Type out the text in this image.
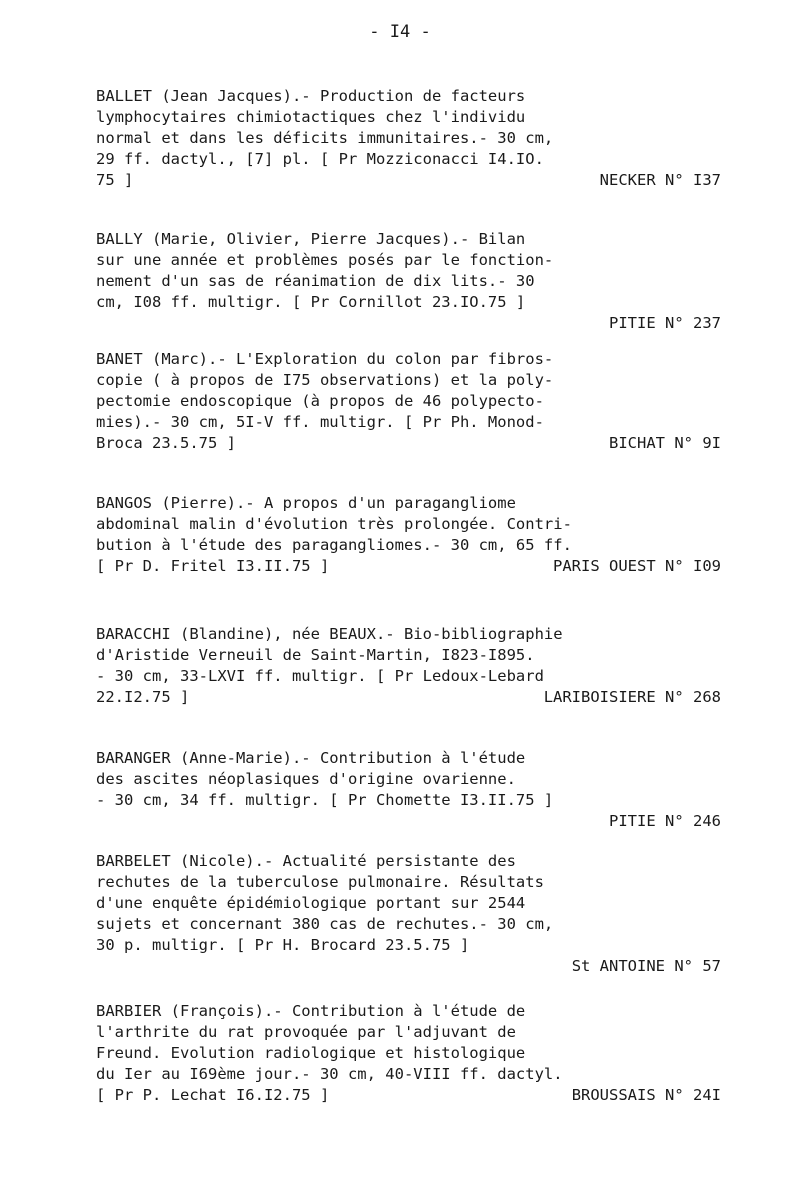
- I4 -
BALLET (Jean Jacques).- Production de facteurs
lymphocytaires chimiotactiques chez l'individu
normal et dans les déficits immunitaires.- 30 cm,
29 ff. dactyl., [7] pl. [ Pr Mozziconacci I4.IO.

75 ]

	NECKER N° I37

BALLY (Marie, Olivier, Pierre Jacques).- Bilan
sur une année et problèmes posés par le fonction-
nement d'un sas de réanimation de dix lits.- 30
cm, I08 ff. multigr. [ Pr Cornillot 23.IO.75 ]

PITIE N° 237

BANET (Marc).- L'Exploration du colon par fibros-
copie ( à propos de I75 observations) et la poly-
pectomie endoscopique (à propos de 46 polypecto-
mies).- 30 cm, 5I-V ff. multigr. [ Pr Ph. Monod-

Broca 23.5.75 ]

	BICHAT N° 9I

BANGOS (Pierre).- A propos d'un paragangliome
abdominal malin d'évolution très prolongée. Contri-
bution à l'étude des paragangliomes.- 30 cm, 65 ff.

[ Pr D. Fritel I3.II.75 ]

	PARIS OUEST N° I09

BARACCHI (Blandine), née BEAUX.- Bio-bibliographie
d'Aristide Verneuil de Saint-Martin, I823-I895.
- 30 cm, 33-LXVI ff. multigr. [ Pr Ledoux-Lebard

22.I2.75 ]

	LARIBOISIERE N° 268

BARANGER (Anne-Marie).- Contribution à l'étude
des ascites néoplasiques d'origine ovarienne.
- 30 cm, 34 ff. multigr. [ Pr Chomette I3.II.75 ]

PITIE N° 246

BARBELET (Nicole).- Actualité persistante des
rechutes de la tuberculose pulmonaire. Résultats
d'une enquête épidémiologique portant sur 2544
sujets et concernant 380 cas de rechutes.- 30 cm,
30 p. multigr. [ Pr H. Brocard 23.5.75 ]

St ANTOINE N° 57

BARBIER (François).- Contribution à l'étude de
l'arthrite du rat provoquée par l'adjuvant de
Freund. Evolution radiologique et histologique
du Ier au I69ème jour.- 30 cm, 40-VIII ff. dactyl.

[ Pr P. Lechat I6.I2.75 ]

	BROUSSAIS N° 24I
